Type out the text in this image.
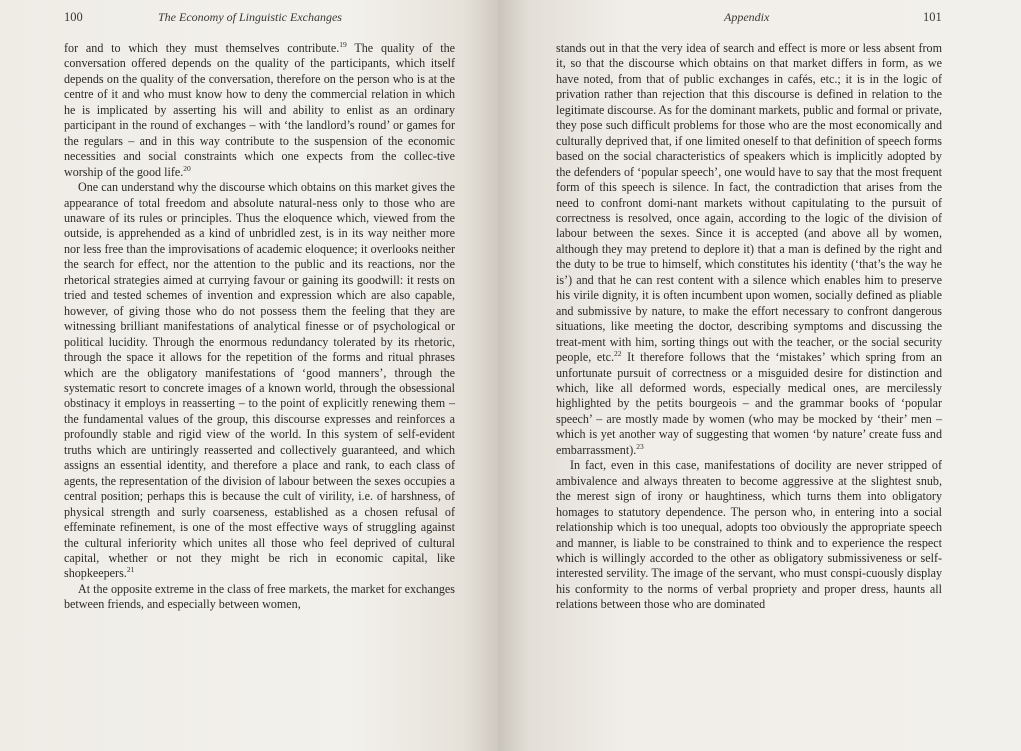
100	The Economy of Linguistic Exchanges

for and to which they must themselves contribute.$^{19}$ The quality of the conversation offered depends on the quality of the participants, which itself depends on the quality of the conversation, therefore on the person who is at the centre of it and who must know how to deny the commercial relation in which he is implicated by asserting his will and ability to enlist as an ordinary participant in the round of exchanges – with ‘the landlord’s round’ or games for the regulars – and in this way contribute to the suspension of the economic necessities and social constraints which one expects from the collec-tive worship of the good life.$^{20}$

One can understand why the discourse which obtains on this market gives the appearance of total freedom and absolute natural-ness only to those who are unaware of its rules or principles. Thus the eloquence which, viewed from the outside, is apprehended as a kind of unbridled zest, is in its way neither more nor less free than the improvisations of academic eloquence; it overlooks neither the search for effect, nor the attention to the public and its reactions, nor the rhetorical strategies aimed at currying favour or gaining its goodwill: it rests on tried and tested schemes of invention and expression which are also capable, however, of giving those who do not possess them the feeling that they are witnessing brilliant manifestations of analytical finesse or of psychological or political lucidity. Through the enormous redundancy tolerated by its rhetoric, through the space it allows for the repetition of the forms and ritual phrases which are the obligatory manifestations of ‘good manners’, through the systematic resort to concrete images of a known world, through the obsessional obstinacy it employs in reasserting – to the point of explicitly renewing them – the fundamental values of the group, this discourse expresses and reinforces a profoundly stable and rigid view of the world. In this system of self-evident truths which are untiringly reasserted and collectively guaranteed, and which assigns an essential identity, and therefore a place and rank, to each class of agents, the representation of the division of labour between the sexes occupies a central position; perhaps this is because the cult of virility, i.e. of harshness, of physical strength and surly coarseness, established as a chosen refusal of effeminate refinement, is one of the most effective ways of struggling against the cultural inferiority which unites all those who feel deprived of cultural capital, whether or not they might be rich in economic capital, like shopkeepers.$^{21}$

At the opposite extreme in the class of free markets, the market for exchanges between friends, and especially between women,

Appendix	101

stands out in that the very idea of search and effect is more or less absent from it, so that the discourse which obtains on that market differs in form, as we have noted, from that of public exchanges in cafés, etc.; it is in the logic of privation rather than rejection that this discourse is defined in relation to the legitimate discourse. As for the dominant markets, public and formal or private, they pose such difficult problems for those who are the most economically and culturally deprived that, if one limited oneself to that definition of speech forms based on the social characteristics of speakers which is implicitly adopted by the defenders of ‘popular speech’, one would have to say that the most frequent form of this speech is silence. In fact, the contradiction that arises from the need to confront domi-nant markets without capitulating to the pursuit of correctness is resolved, once again, according to the logic of the division of labour between the sexes. Since it is accepted (and above all by women, although they may pretend to deplore it) that a man is defined by the right and the duty to be true to himself, which constitutes his identity (‘that’s the way he is’) and that he can rest content with a silence which enables him to preserve his virile dignity, it is often incumbent upon women, socially defined as pliable and submissive by nature, to make the effort necessary to confront dangerous situations, like meeting the doctor, describing symptoms and discussing the treat-ment with him, sorting things out with the teacher, or the social security people, etc.$^{22}$ It therefore follows that the ‘mistakes’ which spring from an unfortunate pursuit of correctness or a misguided desire for distinction and which, like all deformed words, especially medical ones, are mercilessly highlighted by the petits bourgeois – and the grammar books of ‘popular speech’ – are mostly made by women (who may be mocked by ‘their’ men – which is yet another way of suggesting that women ‘by nature’ create fuss and embarrassment).$^{23}$

In fact, even in this case, manifestations of docility are never stripped of ambivalence and always threaten to become aggressive at the slightest snub, the merest sign of irony or haughtiness, which turns them into obligatory homages to statutory dependence. The person who, in entering into a social relationship which is too unequal, adopts too obviously the appropriate speech and manner, is liable to be constrained to think and to experience the respect which is willingly accorded to the other as obligatory submissiveness or self-interested servility. The image of the servant, who must conspi-cuously display his conformity to the norms of verbal propriety and proper dress, haunts all relations between those who are dominated
